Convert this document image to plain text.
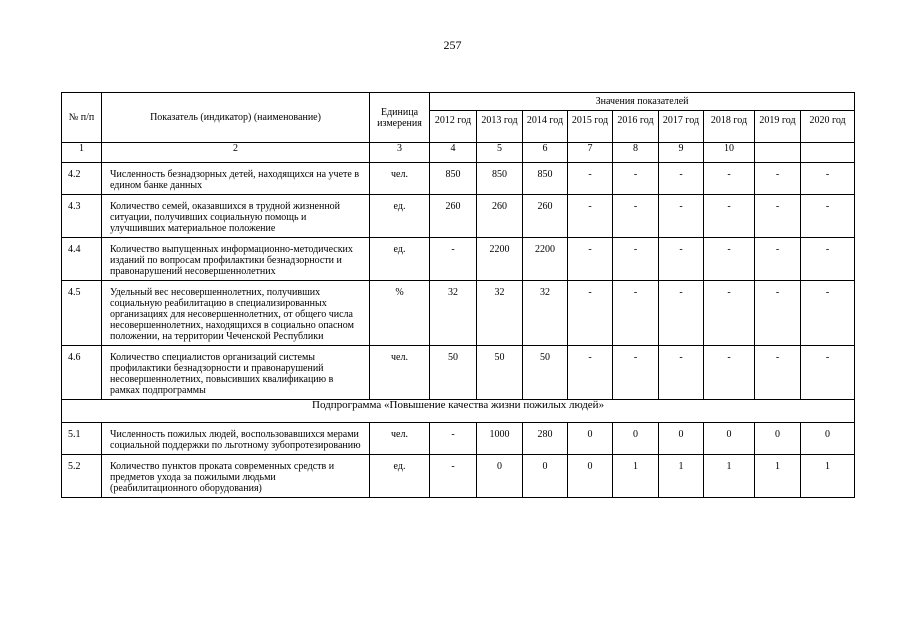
257
№ п/п	Показатель (индикатор) (наименование)	Единица измерения	Значения показателей								
			2012 год	2013 год	2014 год	2015 год	2016 год	2017 год	2018 год	2019 год	2020 год
1	2	3	4	5	6	7	8	9	10		
4.2	Численность безнадзорных детей, находящихся на учете в едином банке данных	чел.	850	850	850	-	-	-	-	-	-
4.3	Количество семей, оказавшихся в трудной жизненной ситуации, получивших социальную помощь и улучшивших материальное положение	ед.	260	260	260	-	-	-	-	-	-
4.4	Количество выпущенных информационно-методических изданий по вопросам профилактики безнадзорности и правонарушений несовершеннолетних	ед.	-	2200	2200	-	-	-	-	-	-
4.5	Удельный вес несовершеннолетних, получивших социальную реабилитацию в специализированных организациях для несовершеннолетних, от общего числа несовершеннолетних, находящихся в социально опасном положении, на территории Чеченской Республики	%	32	32	32	-	-	-	-	-	-
4.6	Количество специалистов организаций системы профилактики безнадзорности и правонарушений несовершеннолетних, повысивших квалификацию в рамках подпрограммы	чел.	50	50	50	-	-	-	-	-	-
Подпрограмма «Повышение качества жизни пожилых людей»											
5.1	Численность пожилых людей, воспользовавшихся мерами социальной поддержки по льготному зубопротезированию	чел.	-	1000	280	0	0	0	0	0	0
5.2	Количество пунктов проката современных средств и предметов ухода за пожилыми людьми (реабилитационного оборудования)	ед.	-	0	0	0	1	1	1	1	1
